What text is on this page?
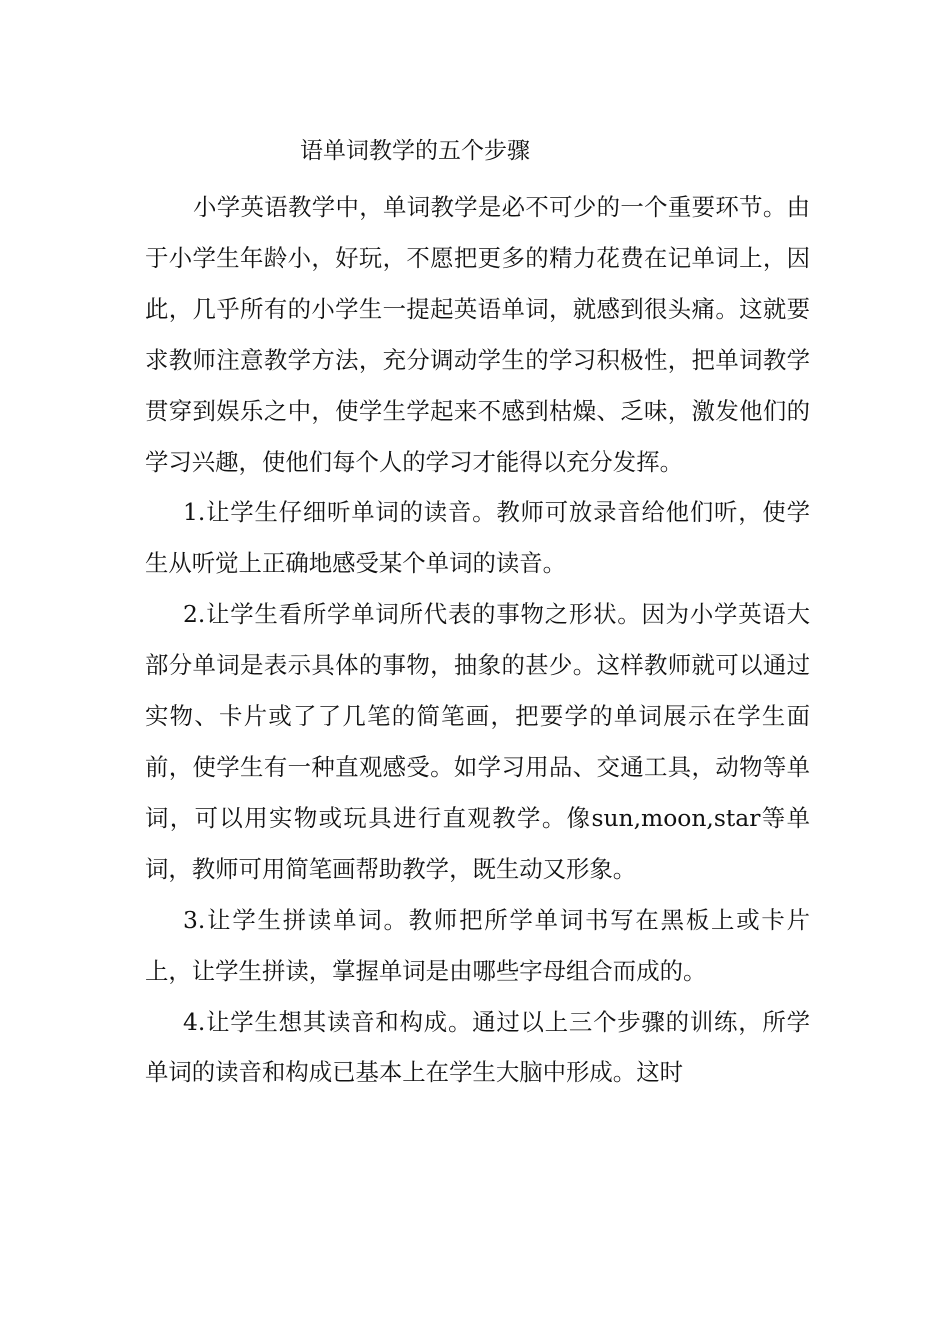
语单词教学的五个步骤

小学英语教学中，单词教学是必不可少的一个重要环节。由于小学生年龄小，好玩，不愿把更多的精力花费在记单词上，因此，几乎所有的小学生一提起英语单词，就感到很头痛。这就要求教师注意教学方法，充分调动学生的学习积极性，把单词教学贯穿到娱乐之中，使学生学起来不感到枯燥、乏味，激发他们的学习兴趣，使他们每个人的学习才能得以充分发挥。

1.让学生仔细听单词的读音。教师可放录音给他们听，使学生从听觉上正确地感受某个单词的读音。

2.让学生看所学单词所代表的事物之形状。因为小学英语大部分单词是表示具体的事物，抽象的甚少。这样教师就可以通过实物、卡片或了了几笔的简笔画，把要学的单词展示在学生面前，使学生有一种直观感受。如学习用品、交通工具，动物等单词，可以用实物或玩具进行直观教学。像sun,moon,star等单词，教师可用简笔画帮助教学，既生动又形象。

3.让学生拼读单词。教师把所学单词书写在黑板上或卡片上，让学生拼读，掌握单词是由哪些字母组合而成的。

4.让学生想其读音和构成。通过以上三个步骤的训练，所学单词的读音和构成已基本上在学生大脑中形成。这时
